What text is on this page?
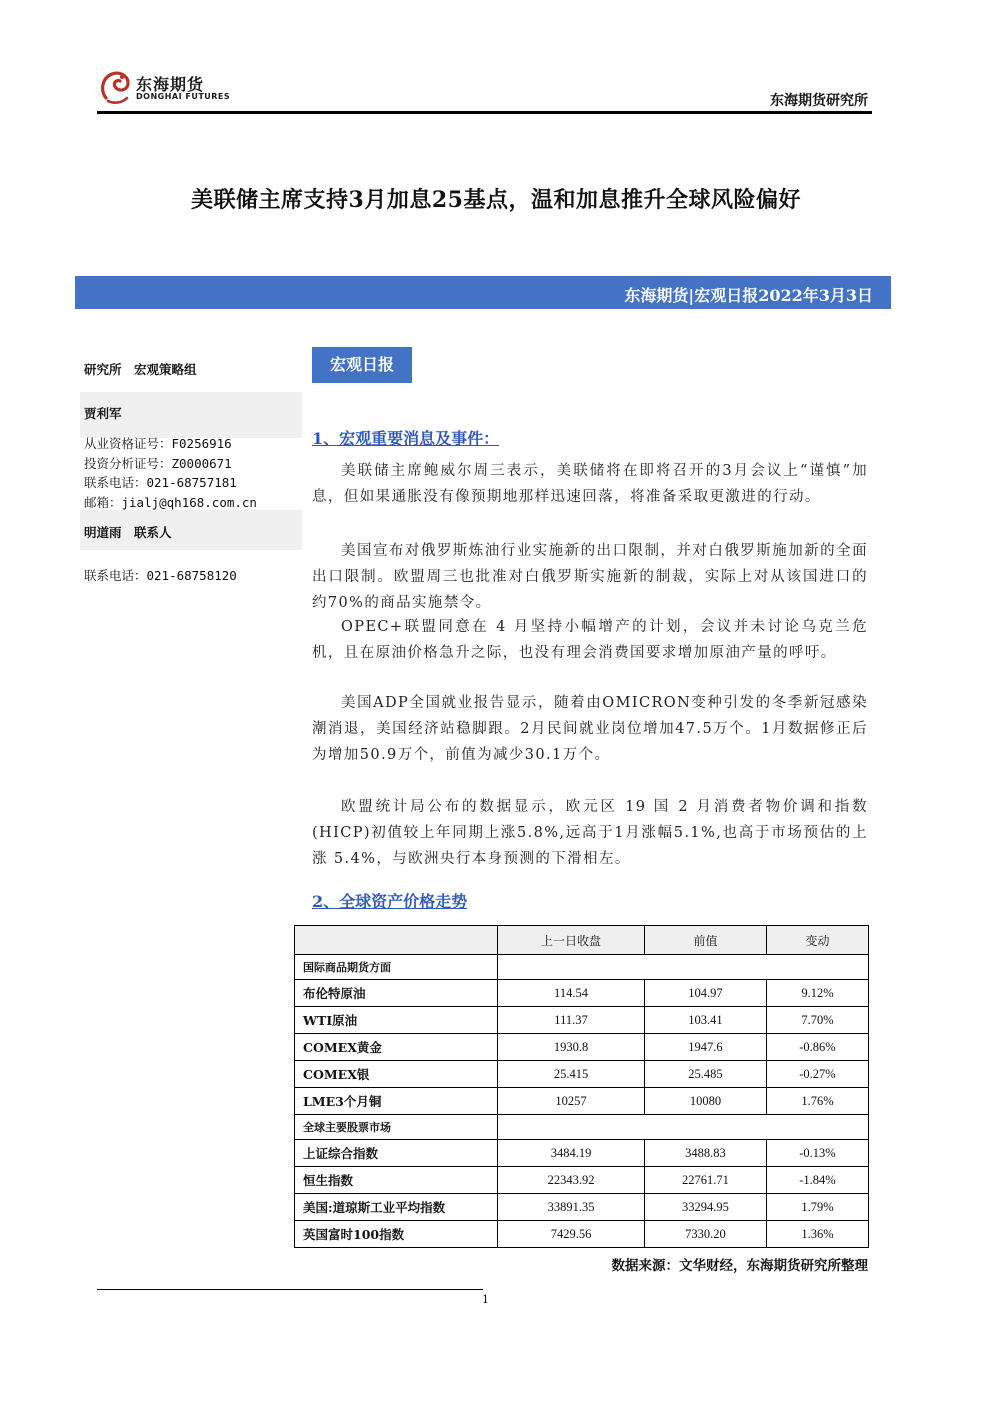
东海期货
DONGHAI FUTURES	东海期货研究所
美联储主席支持3月加息25基点，温和加息推升全球风险偏好
东海期货|宏观日报2022年3月3日
研究所　宏观策略组
贾利军
从业资格证号：F0256916
投资分析证号：Z0000671
联系电话：021-68757181
邮箱：jialj@qh168.com.cn
明道雨　联系人
联系电话：021-68758120
宏观日报
1、宏观重要消息及事件：
美联储主席鲍威尔周三表示，美联储将在即将召开的3月会议上“谨慎”加息，但如果通胀没有像预期地那样迅速回落，将准备采取更激进的行动。
美国宣布对俄罗斯炼油行业实施新的出口限制，并对白俄罗斯施加新的全面出口限制。欧盟周三也批准对白俄罗斯实施新的制裁，实际上对从该国进口的约70%的商品实施禁令。
OPEC+联盟同意在 4 月坚持小幅增产的计划，会议并未讨论乌克兰危机，且在原油价格急升之际，也没有理会消费国要求增加原油产量的呼吁。
美国ADP全国就业报告显示，随着由OMICRON变种引发的冬季新冠感染潮消退，美国经济站稳脚跟。2月民间就业岗位增加47.5万个。1月数据修正后为增加50.9万个，前值为减少30.1万个。
欧盟统计局公布的数据显示，欧元区 19 国 2 月消费者物价调和指数(HICP)初值较上年同期上涨5.8%,远高于1月涨幅5.1%,也高于市场预估的上涨 5.4%，与欧洲央行本身预测的下滑相左。
2、全球资产价格走势
	上一日收盘	前值	变动
国际商品期货方面			
布伦特原油	114.54	104.97	9.12%
WTI原油	111.37	103.41	7.70%
COMEX黄金	1930.8	1947.6	-0.86%
COMEX银	25.415	25.485	-0.27%
LME3个月铜	10257	10080	1.76%
全球主要股票市场			
上证综合指数	3484.19	3488.83	-0.13%
恒生指数	22343.92	22761.71	-1.84%
美国:道琼斯工业平均指数	33891.35	33294.95	1.79%
英国富时100指数	7429.56	7330.20	1.36%
数据来源：文华财经，东海期货研究所整理
1
